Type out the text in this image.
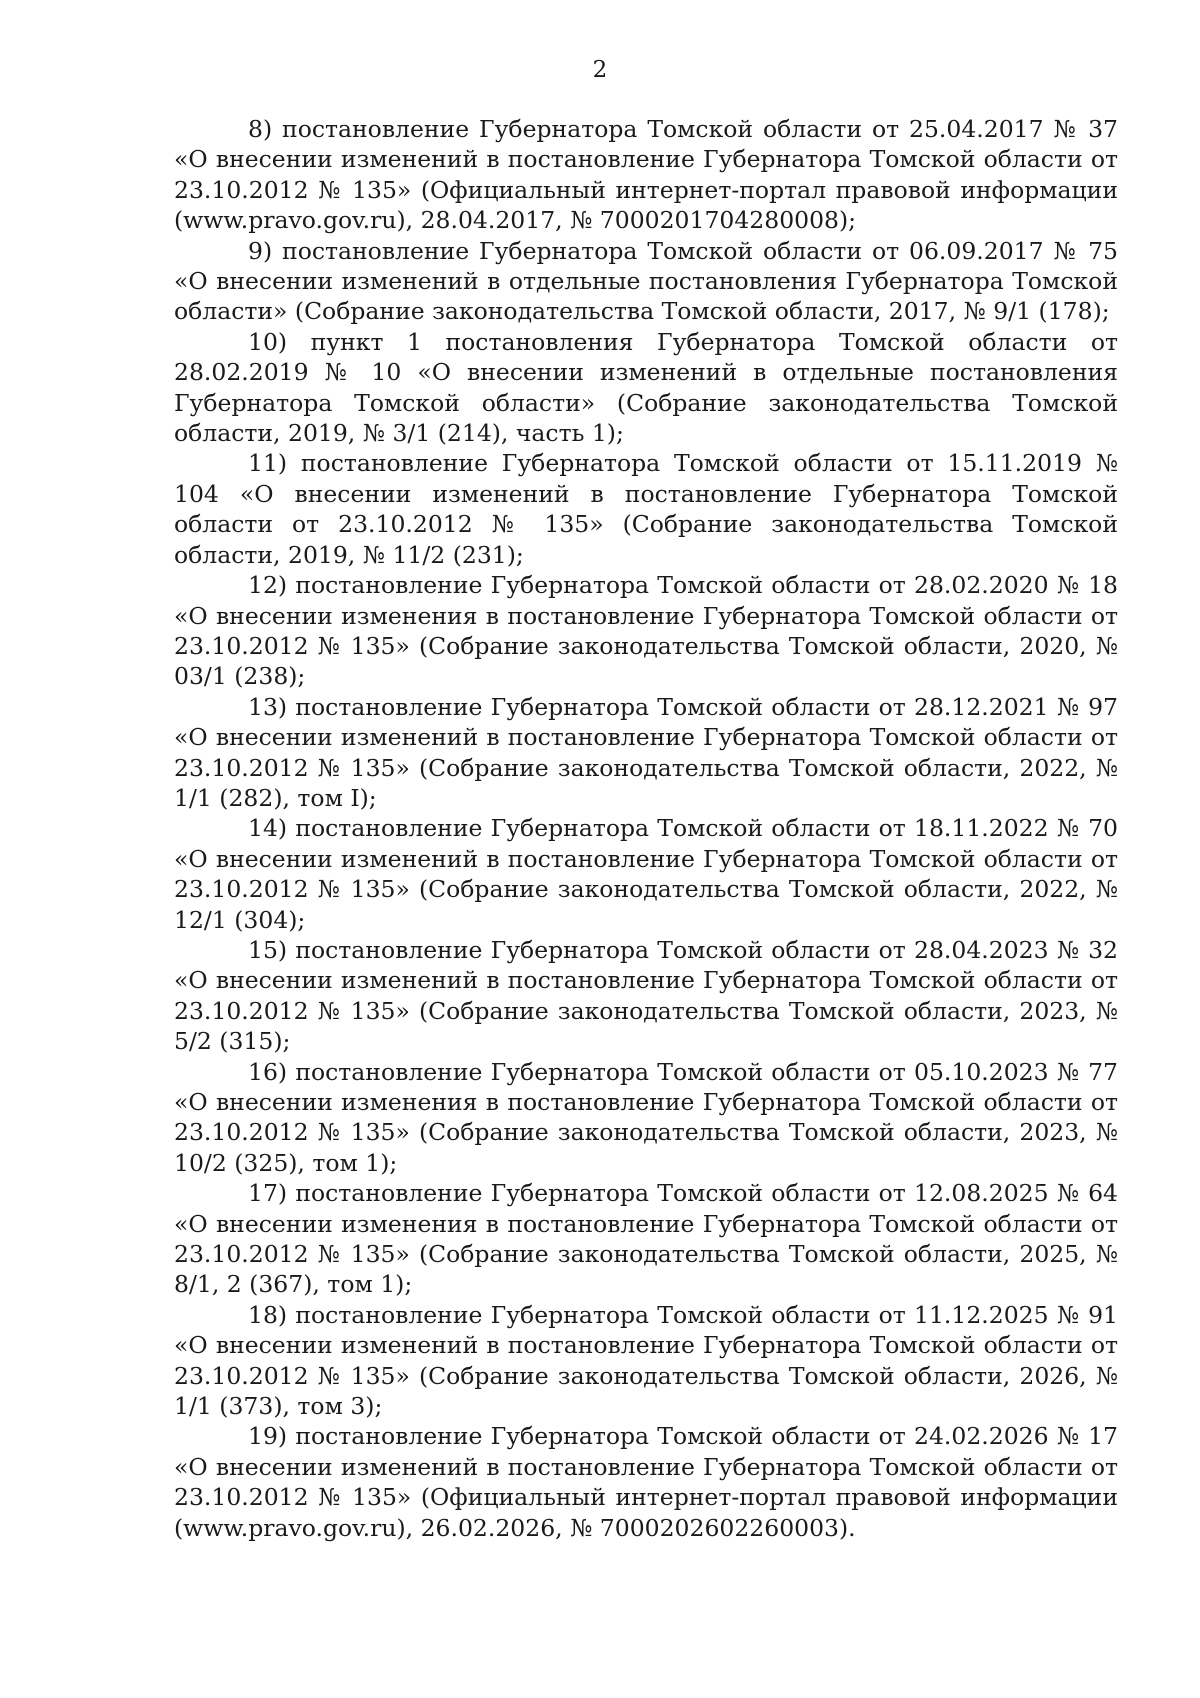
2

8) постановление Губернатора Томской области от 25.04.2017 № 37 «О внесении изменений в постановление Губернатора Томской области от 23.10.2012 № 135» (Официальный интернет-портал правовой информации (www.pravo.gov.ru), 28.04.2017, № 7000201704280008);

9) постановление Губернатора Томской области от 06.09.2017 № 75 «О внесении изменений в отдельные постановления Губернатора Томской области» (Собрание законодательства Томской области, 2017, № 9/1 (178);

10) пункт 1 постановления Губернатора Томской области от 28.02.2019 № 10 «О внесении изменений в отдельные постановления Губернатора Томской области» (Собрание законодательства Томской области, 2019, № 3/1 (214), часть 1);

11) постановление Губернатора Томской области от 15.11.2019 № 104 «О внесении изменений в постановление Губернатора Томской области от 23.10.2012 № 135» (Собрание законодательства Томской области, 2019, № 11/2 (231);

12) постановление Губернатора Томской области от 28.02.2020 № 18 «О внесении изменения в постановление Губернатора Томской области от 23.10.2012 № 135» (Собрание законодательства Томской области, 2020, № 03/1 (238);

13) постановление Губернатора Томской области от 28.12.2021 № 97 «О внесении изменений в постановление Губернатора Томской области от 23.10.2012 № 135» (Собрание законодательства Томской области, 2022, № 1/1 (282), том I);

14) постановление Губернатора Томской области от 18.11.2022 № 70 «О внесении изменений в постановление Губернатора Томской области от 23.10.2012 № 135» (Собрание законодательства Томской области, 2022, № 12/1 (304);

15) постановление Губернатора Томской области от 28.04.2023 № 32 «О внесении изменений в постановление Губернатора Томской области от 23.10.2012 № 135» (Собрание законодательства Томской области, 2023, № 5/2 (315);

16) постановление Губернатора Томской области от 05.10.2023 № 77 «О внесении изменения в постановление Губернатора Томской области от 23.10.2012 № 135» (Собрание законодательства Томской области, 2023, № 10/2 (325), том 1);

17) постановление Губернатора Томской области от 12.08.2025 № 64 «О внесении изменения в постановление Губернатора Томской области от 23.10.2012 № 135» (Собрание законодательства Томской области, 2025, № 8/1, 2 (367), том 1);

18) постановление Губернатора Томской области от 11.12.2025 № 91 «О внесении изменений в постановление Губернатора Томской области от 23.10.2012 № 135» (Собрание законодательства Томской области, 2026, № 1/1 (373), том 3);

19) постановление Губернатора Томской области от 24.02.2026 № 17 «О внесении изменений в постановление Губернатора Томской области от 23.10.2012 № 135» (Официальный интернет-портал правовой информации (www.pravo.gov.ru), 26.02.2026, № 7000202602260003).
